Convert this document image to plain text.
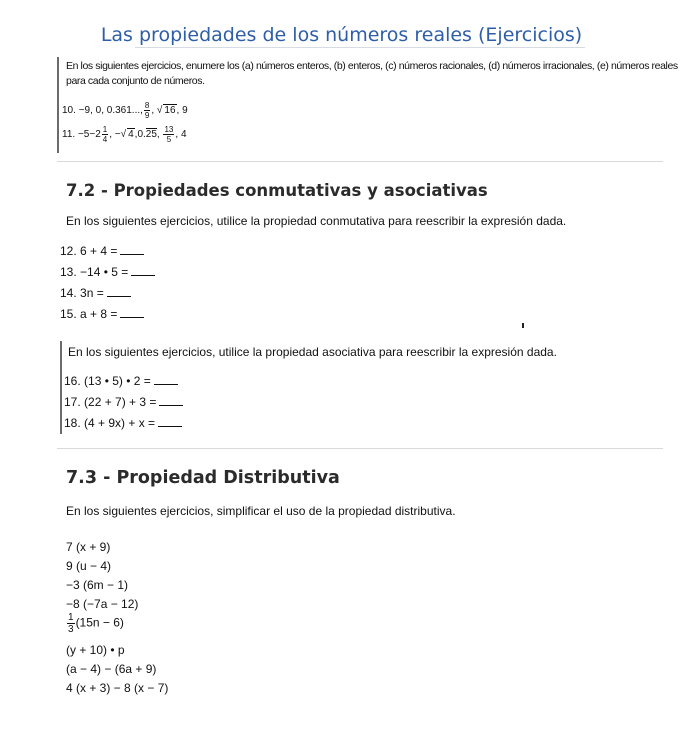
Las propiedades de los números reales (Ejercicios)
En los siguientes ejercicios, enumere los (a) números enteros, (b) enteros, (c) números racionales, (d) números irracionales, (e) números reales para cada conjunto de números.
10. −9, 0, 0.361..., $\frac{8}{9}$ , √ 16, 9
11. $-5-2 \frac{1}{4}$ , −√ 4,0.25, $\frac{13}{5}$ , 4
7.2 - Propiedades conmutativas y asociativas
En los siguientes ejercicios, utilice la propiedad conmutativa para reescribir la expresión dada.
12. 6 + 4 =
13. −14 • 5 =
14. 3n =
15. a + 8 =
En los siguientes ejercicios, utilice la propiedad asociativa para reescribir la expresión dada.
16. (13 • 5) • 2 =
17. (22 + 7) + 3 =
18. (4 + 9x) + x =
7.3 - Propiedad Distributiva
En los siguientes ejercicios, simplificar el uso de la propiedad distributiva.
7 (x + 9)
9 (u − 4)
−3 (6m − 1)
−8 (−7a − 12)
$\frac{1}{3} (15n - 6)$
(y + 10) • p
(a − 4) − (6a + 9)
4 (x + 3) − 8 (x − 7)
